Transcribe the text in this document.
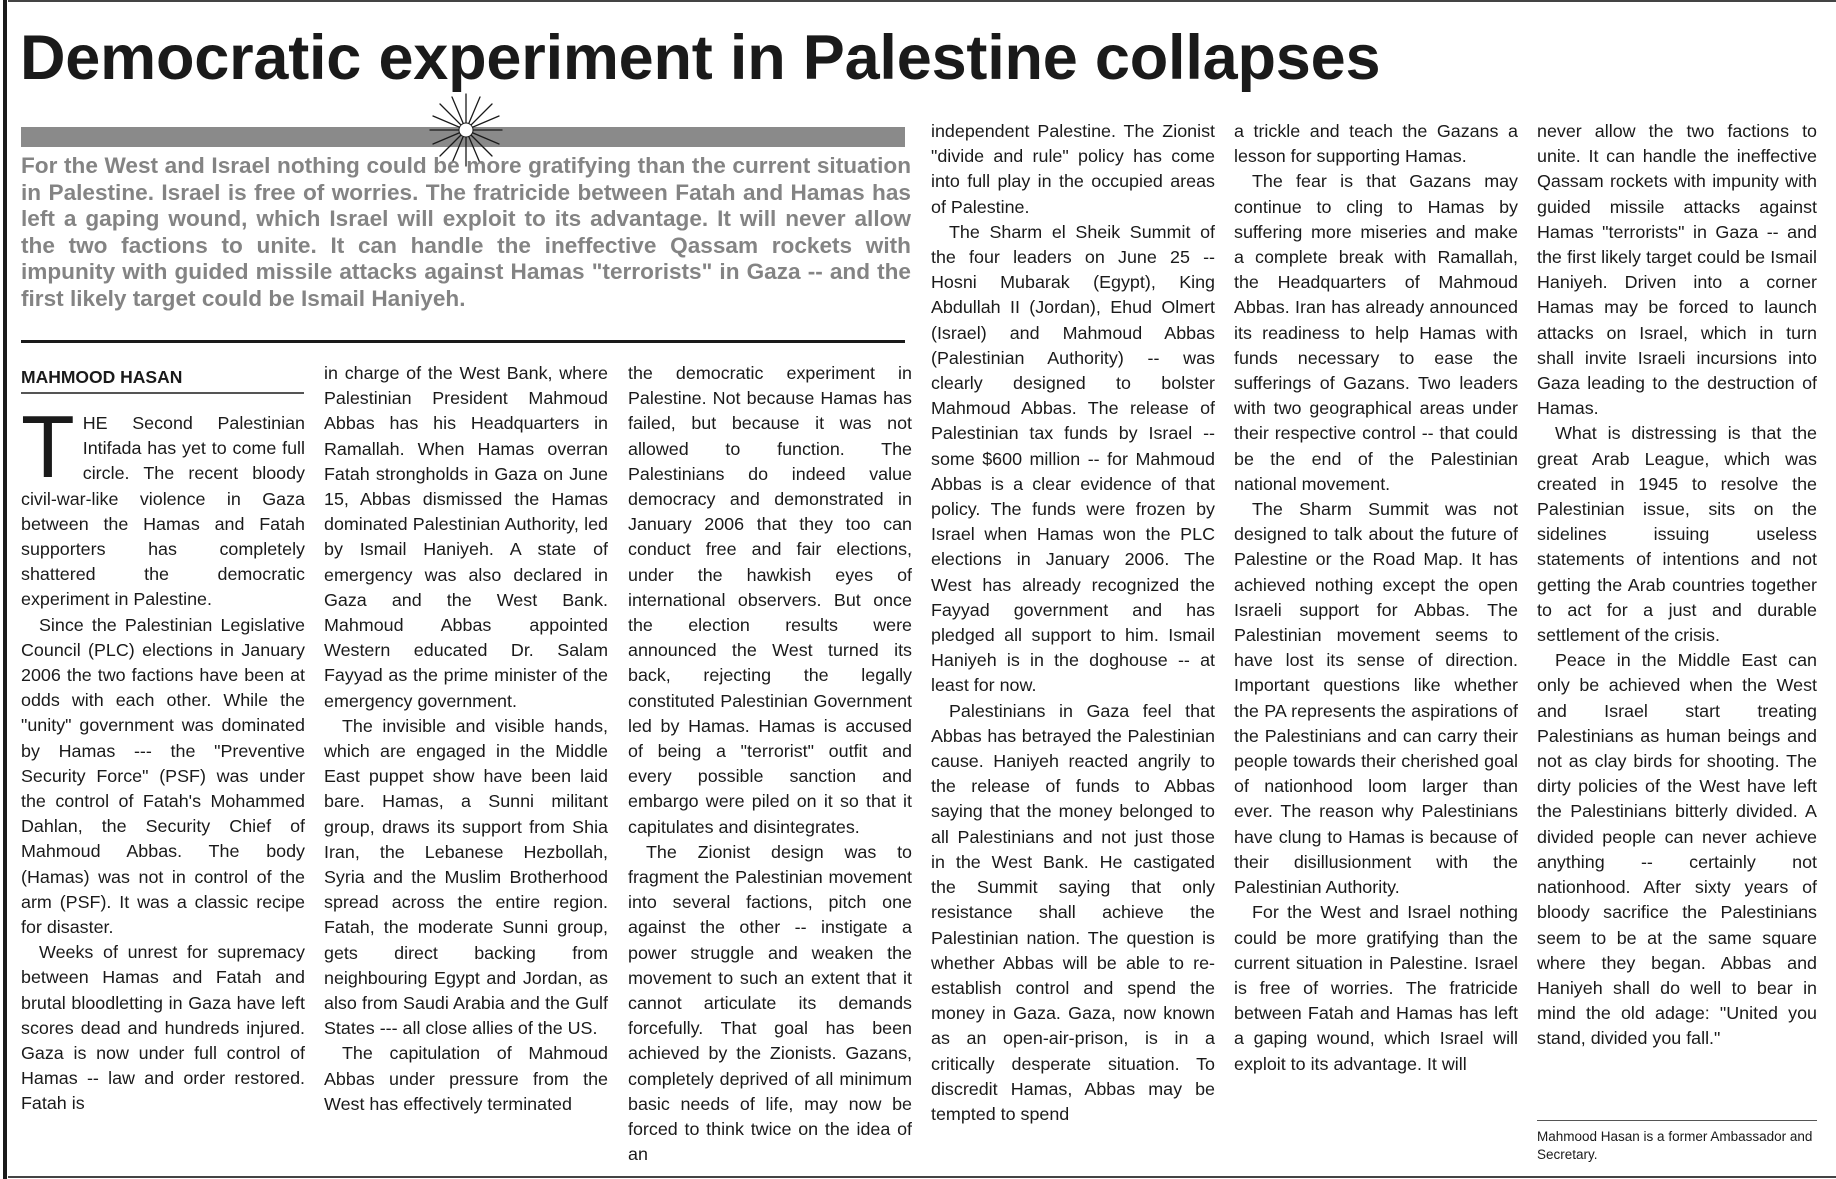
Democratic experiment in Palestine collapses

For the West and Israel nothing could be more gratifying than the current situation in Palestine. Israel is free of worries. The fratricide between Fatah and Hamas has left a gaping wound, which Israel will exploit to its advantage. It will never allow the two factions to unite. It can handle the ineffective Qassam rockets with impunity with guided missile attacks against Hamas "terrorists" in Gaza -- and the first likely target could be Ismail Haniyeh.

MAHMOOD HASAN

THE Second Palestinian Intifada has yet to come full circle. The recent bloody civil-war-like violence in Gaza between the Hamas and Fatah supporters has completely shattered the democratic experiment in Palestine.

Since the Palestinian Legislative Council (PLC) elections in January 2006 the two factions have been at odds with each other. While the "unity" government was dominated by Hamas --- the "Preventive Security Force" (PSF) was under the control of Fatah's Mohammed Dahlan, the Security Chief of Mahmoud Abbas. The body (Hamas) was not in control of the arm (PSF). It was a classic recipe for disaster.

Weeks of unrest for supremacy between Hamas and Fatah and brutal bloodletting in Gaza have left scores dead and hundreds injured. Gaza is now under full control of Hamas -- law and order restored. Fatah is

in charge of the West Bank, where Palestinian President Mahmoud Abbas has his Headquarters in Ramallah. When Hamas overran Fatah strongholds in Gaza on June 15, Abbas dismissed the Hamas dominated Palestinian Authority, led by Ismail Haniyeh. A state of emergency was also declared in Gaza and the West Bank. Mahmoud Abbas appointed Western educated Dr. Salam Fayyad as the prime minister of the emergency government.

The invisible and visible hands, which are engaged in the Middle East puppet show have been laid bare. Hamas, a Sunni militant group, draws its support from Shia Iran, the Lebanese Hezbollah, Syria and the Muslim Brotherhood spread across the entire region. Fatah, the moderate Sunni group, gets direct backing from neighbouring Egypt and Jordan, as also from Saudi Arabia and the Gulf States --- all close allies of the US.

The capitulation of Mahmoud Abbas under pressure from the West has effectively terminated

the democratic experiment in Palestine. Not because Hamas has failed, but because it was not allowed to function. The Palestinians do indeed value democracy and demonstrated in January 2006 that they too can conduct free and fair elections, under the hawkish eyes of international observers. But once the election results were announced the West turned its back, rejecting the legally constituted Palestinian Government led by Hamas. Hamas is accused of being a "terrorist" outfit and every possible sanction and embargo were piled on it so that it capitulates and disintegrates.

The Zionist design was to fragment the Palestinian movement into several factions, pitch one against the other -- instigate a power struggle and weaken the movement to such an extent that it cannot articulate its demands forcefully. That goal has been achieved by the Zionists. Gazans, completely deprived of all minimum basic needs of life, may now be forced to think twice on the idea of an

independent Palestine. The Zionist "divide and rule" policy has come into full play in the occupied areas of Palestine.

The Sharm el Sheik Summit of the four leaders on June 25 -- Hosni Mubarak (Egypt), King Abdullah II (Jordan), Ehud Olmert (Israel) and Mahmoud Abbas (Palestinian Authority) -- was clearly designed to bolster Mahmoud Abbas. The release of Palestinian tax funds by Israel -- some $600 million -- for Mahmoud Abbas is a clear evidence of that policy. The funds were frozen by Israel when Hamas won the PLC elections in January 2006. The West has already recognized the Fayyad government and has pledged all support to him. Ismail Haniyeh is in the doghouse -- at least for now.

Palestinians in Gaza feel that Abbas has betrayed the Palestinian cause. Haniyeh reacted angrily to the release of funds to Abbas saying that the money belonged to all Palestinians and not just those in the West Bank. He castigated the Summit saying that only resistance shall achieve the Palestinian nation. The question is whether Abbas will be able to re-establish control and spend the money in Gaza. Gaza, now known as an open-air-prison, is in a critically desperate situation. To discredit Hamas, Abbas may be tempted to spend

a trickle and teach the Gazans a lesson for supporting Hamas.

The fear is that Gazans may continue to cling to Hamas by suffering more miseries and make a complete break with Ramallah, the Headquarters of Mahmoud Abbas. Iran has already announced its readiness to help Hamas with funds necessary to ease the sufferings of Gazans. Two leaders with two geographical areas under their respective control -- that could be the end of the Palestinian national movement.

The Sharm Summit was not designed to talk about the future of Palestine or the Road Map. It has achieved nothing except the open Israeli support for Abbas. The Palestinian movement seems to have lost its sense of direction. Important questions like whether the PA represents the aspirations of the Palestinians and can carry their people towards their cherished goal of nationhood loom larger than ever. The reason why Palestinians have clung to Hamas is because of their disillusionment with the Palestinian Authority.

For the West and Israel nothing could be more gratifying than the current situation in Palestine. Israel is free of worries. The fratricide between Fatah and Hamas has left a gaping wound, which Israel will exploit to its advantage. It will

never allow the two factions to unite. It can handle the ineffective Qassam rockets with impunity with guided missile attacks against Hamas "terrorists" in Gaza -- and the first likely target could be Ismail Haniyeh. Driven into a corner Hamas may be forced to launch attacks on Israel, which in turn shall invite Israeli incursions into Gaza leading to the destruction of Hamas.

What is distressing is that the great Arab League, which was created in 1945 to resolve the Palestinian issue, sits on the sidelines issuing useless statements of intentions and not getting the Arab countries together to act for a just and durable settlement of the crisis.

Peace in the Middle East can only be achieved when the West and Israel start treating Palestinians as human beings and not as clay birds for shooting. The dirty policies of the West have left the Palestinians bitterly divided. A divided people can never achieve anything -- certainly not nationhood. After sixty years of bloody sacrifice the Palestinians seem to be at the same square where they began. Abbas and Haniyeh shall do well to bear in mind the old adage: "United you stand, divided you fall."

Mahmood Hasan is a former Ambassador and Secretary.
